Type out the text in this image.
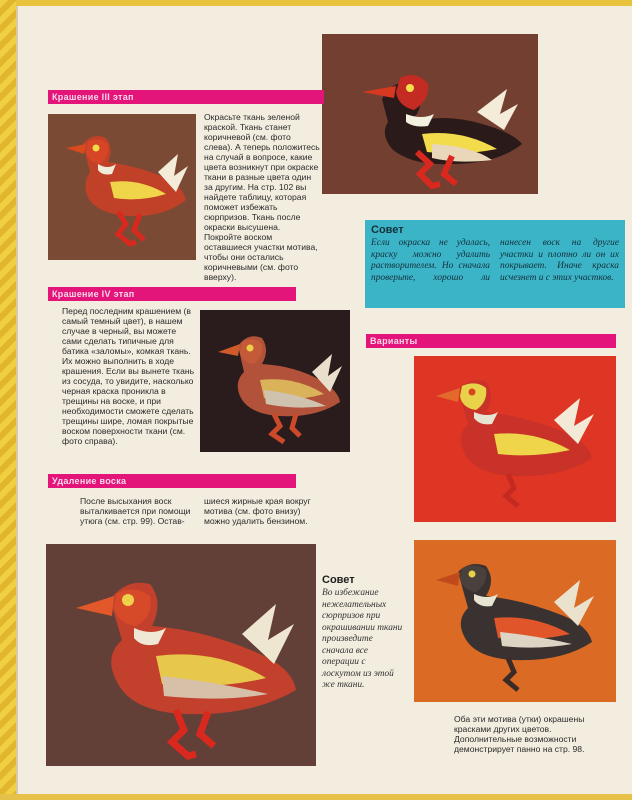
Крашение III этап
Окрасьте ткань зеленой краской. Ткань станет коричневой (см. фото слева). А теперь положитесь на случай в вопросе, какие цвета возникнут при окраске ткани в разные цвета один за другим. На стр. 102 вы найдете таблицу, которая поможет избежать сюрпризов. Ткань после окраски высушена. Покройте воском оставшиеся участки мотива, чтобы они остались коричневыми (см. фото вверху).
Совет
Если окраска не удалась, краску можно удалить растворителем. Но сначала проверьте, хорошо ли нанесен воск на другие участки и плотно ли он их покрывает. Иначе краска исчезнет и с этих участков.
Крашение IV этап
Перед последним крашением (в самый темный цвет), в нашем случае в черный, вы можете сами сделать типичные для батика «заломы», комкая ткань. Их можно выполнить в ходе крашения. Если вы вынете ткань из сосуда, то увидите, насколько черная краска проникла в трещины на воске, и при необходимости сможете сделать трещины шире, ломая покрытые воском поверхности ткани (см. фото справа).
Варианты
Удаление воска
После высыхания воск выталкивается при помощи утюга (см. стр. 99). Остав-
шиеся жирные края вокруг мотива (см. фото внизу) можно удалить бензином.
Совет
Во избежание нежелательных сюрпризов при окрашивании ткани произведите сначала все операции с лоскутом из этой же ткани.
Оба эти мотива (утки) окрашены красками других цветов. Дополнительные возможности демонстрирует панно на стр. 98.
